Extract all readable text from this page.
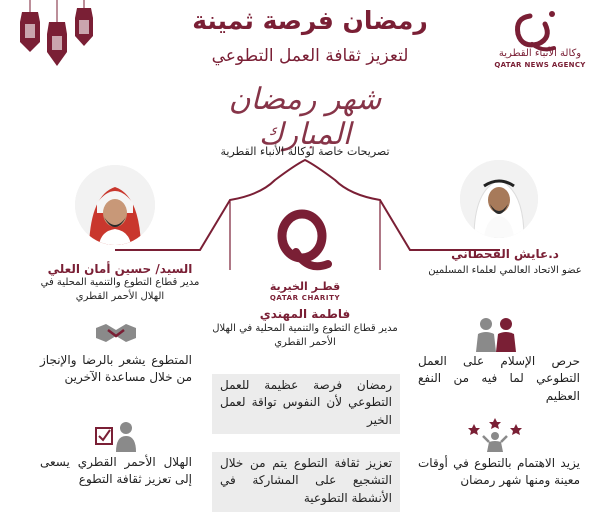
وكالة الأنباء القطرية
QATAR NEWS AGENCY
رمضان فرصة ثمينة
لتعزيز ثقافة العمل التطوعي
شهر رمضان المبارك
تصريحات خاصة لوكالة الأنباء القطرية
السيد/ حسين أمان العلي
مدير قطاع التطوع والتنمية المحلية في الهلال الأحمر القطري
د.عايش القحطاني
عضو الاتحاد العالمي لعلماء المسلمين
قطـر الخيرية
QATAR CHARITY
فاطمة المهندي
مدير قطاع التطوع والتنمية المحلية في الهلال الأحمر القطري
رمضان فرصة عظيمة للعمل التطوعي لأن النفوس تواقة لعمل الخير
تعزيز ثقافة التطوع يتم من خلال التشجيع على المشاركة في الأنشطة التطوعية
المتطوع يشعر بالرضا والإنجاز من خلال مساعدة الآخرين
الهلال الأحمر القطري يسعى إلى تعزيز ثقافة التطوع
حرص الإسلام على العمل التطوعي لما فيه من النفع العظيم
يزيد الاهتمام بالتطوع في أوقات معينة ومنها شهر رمضان
